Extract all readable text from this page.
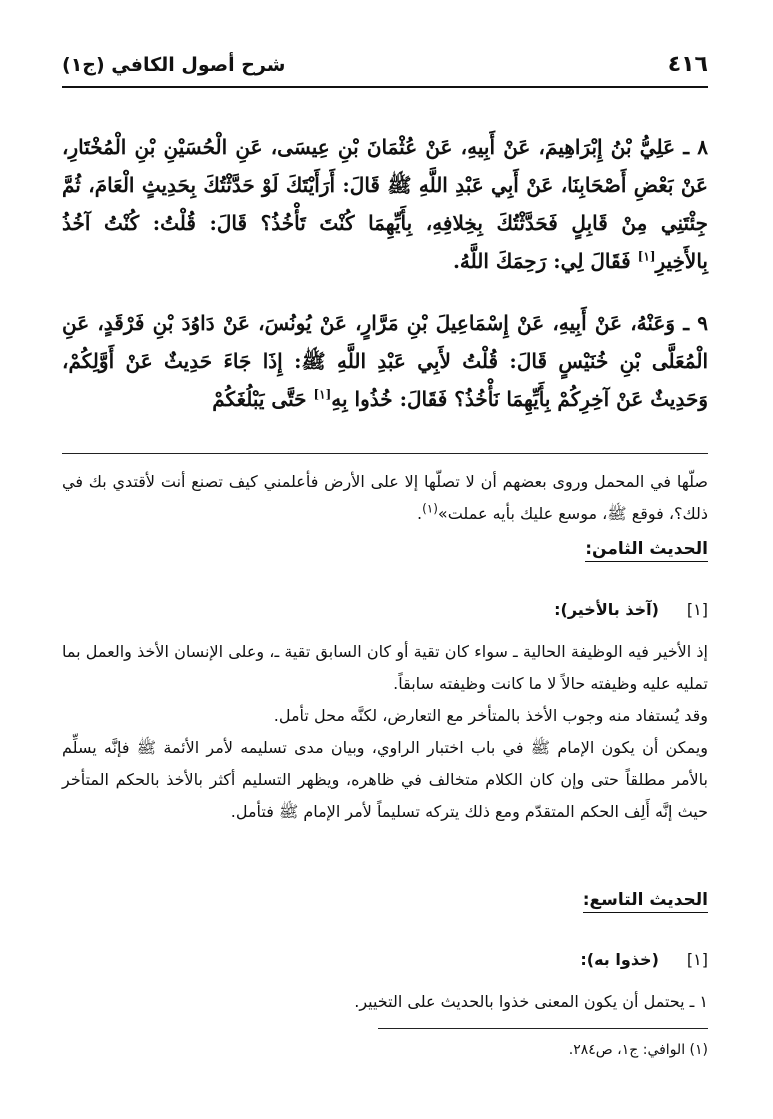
٤١٦
شرح أصول الكافي (ج١)
٨ ـ عَلِيُّ بْنُ إِبْرَاهِيمَ، عَنْ أَبِيهِ، عَنْ عُثْمَانَ بْنِ عِيسَى، عَنِ الْحُسَيْنِ بْنِ الْمُخْتَارِ، عَنْ بَعْضِ أَصْحَابِنَا، عَنْ أَبِي عَبْدِ اللَّهِ ﷺ قَالَ: أَرَأَيْتَكَ لَوْ حَدَّثْتُكَ بِحَدِيثٍ الْعَامَ، ثُمَّ جِئْتَنِي مِنْ قَابِلٍ فَحَدَّثْتُكَ بِخِلافِهِ، بِأَيِّهِمَا كُنْتَ تَأْخُذُ؟ قَالَ: قُلْتُ: كُنْتُ آخُذُ بِالأَخِيرِ[١] فَقَالَ لِي: رَحِمَكَ اللَّهُ.
٩ ـ وَعَنْهُ، عَنْ أَبِيهِ، عَنْ إِسْمَاعِيلَ بْنِ مَرَّارٍ، عَنْ يُونُسَ، عَنْ دَاوُدَ بْنِ فَرْقَدٍ، عَنِ الْمُعَلَّى بْنِ خُنَيْسٍ قَالَ: قُلْتُ لأَبِي عَبْدِ اللَّهِ ﷺ: إِذَا جَاءَ حَدِيثٌ عَنْ أَوَّلِكُمْ، وَحَدِيثٌ عَنْ آخِرِكُمْ بِأَيِّهِمَا نَأْخُذُ؟ فَقَالَ: خُذُوا بِهِ[١] حَتَّى يَبْلُغَكُمْ
صلّها في المحمل وروى بعضهم أن لا تصلّها إلا على الأرض فأعلمني كيف تصنع أنت لأقتدي بك في ذلك؟، فوقع ﷺ، موسع عليك بأيه عملت»$^{(١)}$.
الحديث الثامن:
[١](آخذ بالأخير):

إذ الأخير فيه الوظيفة الحالية ـ سواء كان تقية أو كان السابق تقية ـ، وعلى الإنسان الأخذ والعمل بما تمليه عليه وظيفته حالاً لا ما كانت وظيفته سابقاً.

وقد يُستفاد منه وجوب الأخذ بالمتأخر مع التعارض، لكنَّه محل تأمل.

ويمكن أن يكون الإمام ﷺ في باب اختبار الراوي، وبيان مدى تسليمه لأمر الأئمة ﷺ فإنَّه يسلِّم بالأمر مطلقاً حتى وإن كان الكلام متخالف في ظاهره، ويظهر التسليم أكثر بالأخذ بالحكم المتأخر حيث إنَّه أَلِف الحكم المتقدّم ومع ذلك يتركه تسليماً لأمر الإمام ﷺ فتأمل.

الحديث التاسع:
[١](خذوا به):

١ ـ يحتمل أن يكون المعنى خذوا بالحديث على التخيير.

(١) الوافي: ج١، ص٢٨٤.
